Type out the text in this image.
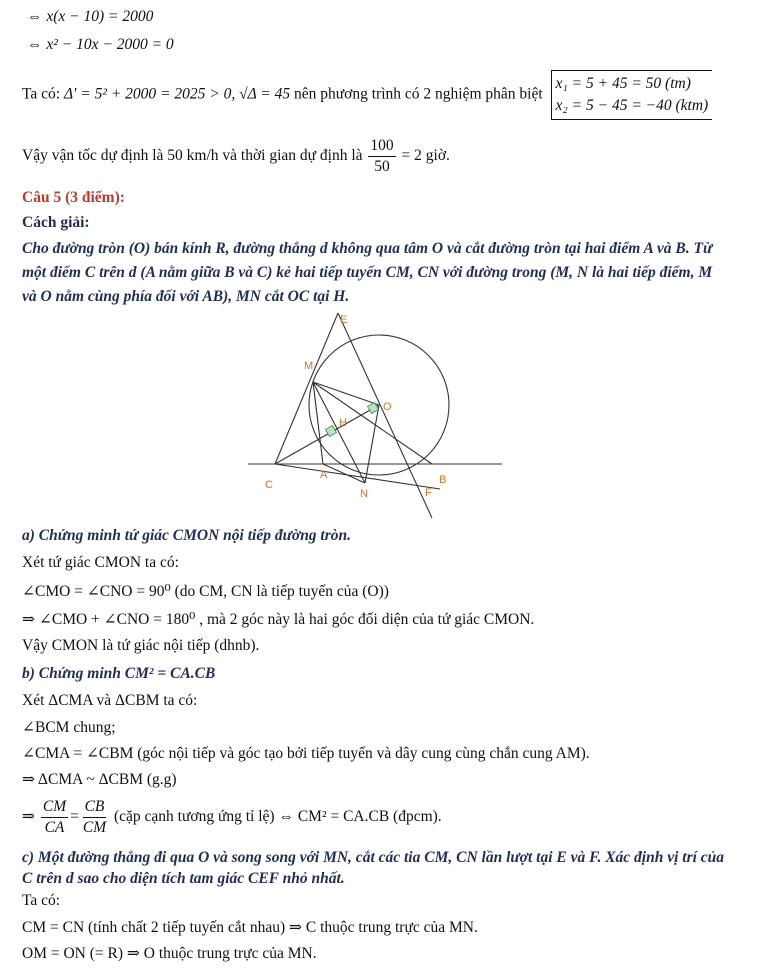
⇔ x(x − 10) = 2000
⇔ x² − 10x − 2000 = 0
Ta có: Δ' = 5² + 2000 = 2025 > 0, √Δ = 45 nên phương trình có 2 nghiệm phân biệt
x₁ = 5 + 45 = 50 (tm)
x₂ = 5 − 45 = −40 (ktm)
Vậy vận tốc dự định là 50 km/h và thời gian dự định là $\frac{100}{50} = 2$ giờ.
Câu 5 (3 điểm):
Cách giải:
Cho đường tròn (O) bán kính R, đường thẳng d không qua tâm O và cắt đường tròn tại hai điểm A và B. Từ một điểm C trên d (A nằm giữa B và C) kẻ hai tiếp tuyến CM, CN với đường trong (M, N là hai tiếp điểm, M và O nằm cùng phía đối với AB), MN cắt OC tại H.
E
M
O
H
C
A
N	F
B
a) Chứng minh tứ giác CMON nội tiếp đường tròn.
Xét tứ giác CMON ta có:
∠CMO = ∠CNO = 90⁰ (do CM, CN là tiếp tuyến của (O))
⇒ ∠CMO + ∠CNO = 180⁰ , mà 2 góc này là hai góc đối diện của tứ giác CMON.
Vậy CMON là tứ giác nội tiếp (dhnb).
b) Chứng minh CM² = CA.CB
Xét ΔCMA và ΔCBM ta có:
∠BCM chung;
∠CMA = ∠CBM (góc nội tiếp và góc tạo bởi tiếp tuyến và dây cung cùng chắn cung AM).
⇒ ΔCMA ~ ΔCBM (g.g)
⇒ $\frac{CM}{CA} = \frac{CB}{CM}$ (cặp cạnh tương ứng tỉ lệ) ⇔ CM² = CA.CB (đpcm).
c) Một đường thẳng đi qua O và song song với MN, cắt các tia CM, CN lần lượt tại E và F. Xác định vị trí của C trên d sao cho diện tích tam giác CEF nhỏ nhất.
Ta có:
CM = CN (tính chất 2 tiếp tuyến cắt nhau) ⇒ C thuộc trung trực của MN.
OM = ON (= R) ⇒ O thuộc trung trực của MN.
